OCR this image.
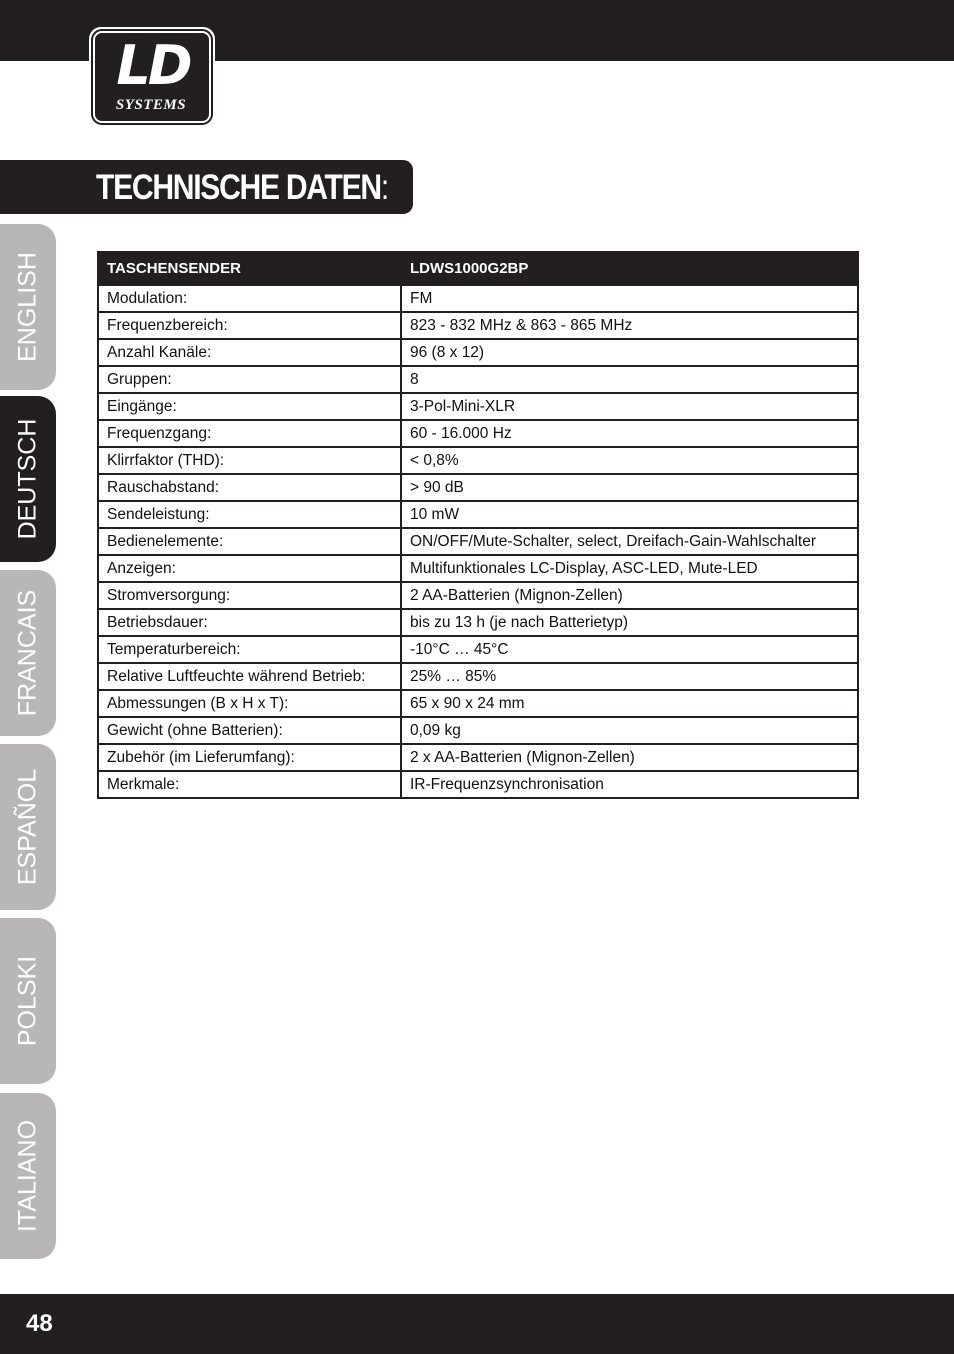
LD
SYSTEMS
TECHNISCHE DATEN:
ENGLISH
DEUTSCH
FRANCAIS
ESPAÑOL
POLSKI
ITALIANO
TASCHENSENDER	LDWS1000G2BP
Modulation:	FM
Frequenzbereich:	823 - 832 MHz & 863 - 865 MHz
Anzahl Kanäle:	96 (8 x 12)
Gruppen:	8
Eingänge:	3-Pol-Mini-XLR
Frequenzgang:	60 - 16.000 Hz
Klirrfaktor (THD):	< 0,8%
Rauschabstand:	> 90 dB
Sendeleistung:	10 mW
Bedienelemente:	ON/OFF/Mute-Schalter, select, Dreifach-Gain-Wahlschalter
Anzeigen:	Multifunktionales LC-Display, ASC-LED, Mute-LED
Stromversorgung:	2 AA-Batterien (Mignon-Zellen)
Betriebsdauer:	bis zu 13 h (je nach Batterietyp)
Temperaturbereich:	-10°C … 45°C
Relative Luftfeuchte während Betrieb:	25% … 85%
Abmessungen (B x H x T):	65 x 90 x 24 mm
Gewicht (ohne Batterien):	0,09 kg
Zubehör (im Lieferumfang):	2 x AA-Batterien (Mignon-Zellen)
Merkmale:	IR-Frequenzsynchronisation
48
